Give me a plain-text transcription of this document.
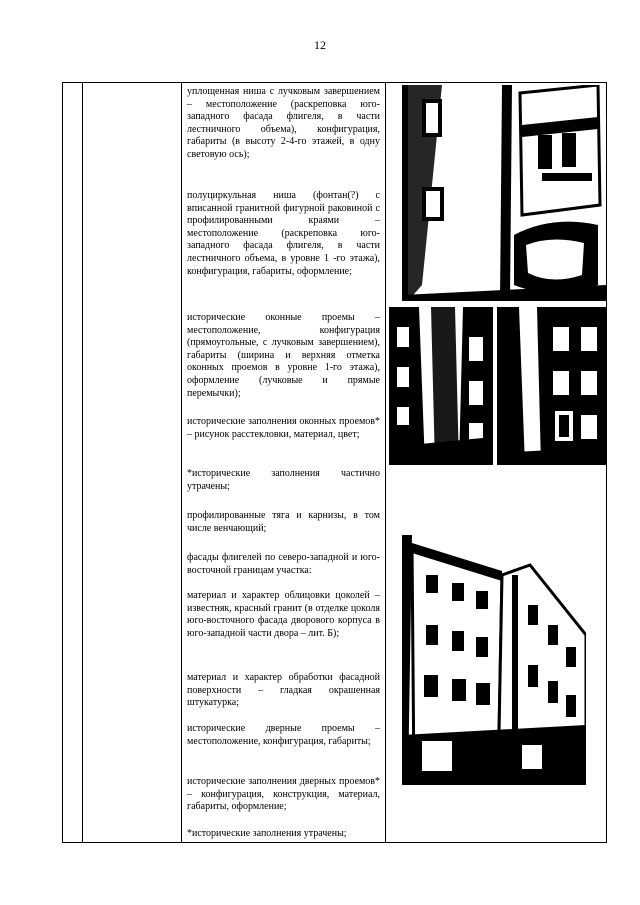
12

уплощенная ниша с лучковым завершением – местоположение (раскреповка юго-западного фасада флигеля, в части лестничного объема), конфигурация, габариты (в высоту 2-4-го этажей, в одну световую ось);

полуциркульная ниша (фонтан(?) с вписанной гранитной фигурной раковиной с профилированными краями – местоположение (раскреповка юго-западного фасада флигеля, в части лестничного объема, в уровне 1 -го этажа), конфигурация, габариты, оформление;

исторические оконные проемы – местоположение, конфигурация (прямоугольные, с лучковым завершением), габариты (ширина и верхняя отметка оконных проемов в уровне 1-го этажа), оформление (лучковые и прямые перемычки);

исторические заполнения оконных проемов* – рисунок расстекловки, материал, цвет;

*исторические заполнения частично утрачены;

профилированные тяга и карнизы, в том числе венчающий;

фасады флигелей по северо-западной и юго-восточной границам участка:

материал и характер облицовки цоколей – известняк, красный гранит (в отделке цоколя юго-восточного фасада дворового корпуса в юго-западной части двора – лит. Б);

материал и характер обработки фасадной поверхности – гладкая окрашенная штукатурка;

исторические дверные проемы – местоположение, конфигурация, габариты;

исторические заполнения дверных проемов* – конфигурация, конструкция, материал, габариты, оформление;

*исторические заполнения утрачены;
